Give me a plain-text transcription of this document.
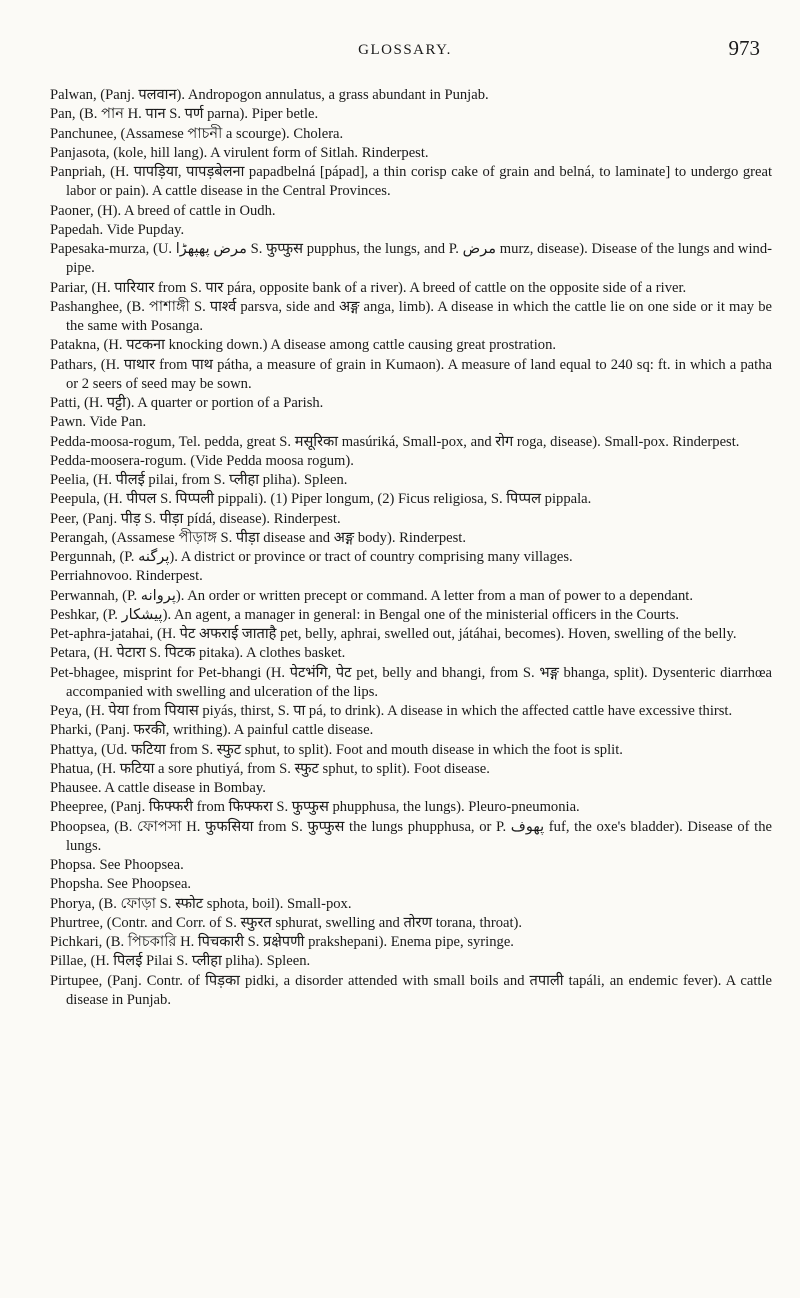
GLOSSARY.	973

Palwan, (Panj. पलवान). Andropogon annulatus, a grass abundant in Punjab.

Pan, (B. পান H. पान S. पर्ण parna). Piper betle.

Panchunee, (Assamese পাচনী a scourge). Cholera.

Panjasota, (kole, hill lang). A virulent form of Sitlah. Rinderpest.

Panpriah, (H. पापड़िया, पापड़बेलना papadbelná [pápad], a thin corisp cake of grain and belná, to laminate] to undergo great labor or pain). A cattle disease in the Central Provinces.

Paoner, (H). A breed of cattle in Oudh.

Papedah. Vide Pupday.

Papesaka-murza, (U. مرض پھپھڑا S. फुप्फुस pupphus, the lungs, and P. مرض murz, disease). Disease of the lungs and wind-pipe.

Pariar, (H. पारियार from S. पार pára, opposite bank of a river). A breed of cattle on the opposite side of a river.

Pashanghee, (B. পাশাঙ্গী S. पार्श्व parsva, side and अङ्ग anga, limb). A disease in which the cattle lie on one side or it may be the same with Posanga.

Patakna, (H. पटकना knocking down.) A disease among cattle causing great prostration.

Pathars, (H. पाथार from पाथ pátha, a measure of grain in Kumaon). A measure of land equal to 240 sq: ft. in which a patha or 2 seers of seed may be sown.

Patti, (H. पट्टी). A quarter or portion of a Parish.

Pawn. Vide Pan.

Pedda-moosa-rogum, Tel. pedda, great S. मसूरिका masúriká, Small-pox, and रोग roga, disease). Small-pox. Rinderpest.

Pedda-moosera-rogum. (Vide Pedda moosa rogum).

Peelia, (H. पीलई pilai, from S. प्लीहा pliha). Spleen.

Peepula, (H. पीपल S. पिप्पली pippali). (1) Piper longum, (2) Ficus religiosa, S. पिप्पल pippala.

Peer, (Panj. पीड़ S. पीड़ा pídá, disease). Rinderpest.

Perangah, (Assamese পীড়াঙ্গ S. पीड़ा disease and अङ्ग body). Rinderpest.

Pergunnah, (P. پرگنه). A district or province or tract of country comprising many villages.

Perriahnovoo. Rinderpest.

Perwannah, (P. پروانه). An order or written precept or command. A letter from a man of power to a dependant.

Peshkar, (P. پیشکار). An agent, a manager in general: in Bengal one of the ministerial officers in the Courts.

Pet-aphra-jatahai, (H. पेट अफराई जाताहै pet, belly, aphrai, swelled out, játáhai, becomes). Hoven, swelling of the belly.

Petara, (H. पेटारा S. पिटक pitaka). A clothes basket.

Pet-bhagee, misprint for Pet-bhangi (H. पेटभंगि, पेट pet, belly and bhangi, from S. भङ्ग bhanga, split). Dysenteric diarrhœa accompanied with swelling and ulceration of the lips.

Peya, (H. पेया from पियास piyás, thirst, S. पा pá, to drink). A disease in which the affected cattle have excessive thirst.

Pharki, (Panj. फरकी, writhing). A painful cattle disease.

Phattya, (Ud. फटिया from S. स्फुट sphut, to split). Foot and mouth disease in which the foot is split.

Phatua, (H. फटिया a sore phutiyá, from S. स्फुट sphut, to split). Foot disease.

Phausee. A cattle disease in Bombay.

Pheepree, (Panj. फिफ्फरी from फिफ्फरा S. फुप्फुस phupphusa, the lungs). Pleuro-pneumonia.

Phoopsea, (B. ফোপসা H. फुफसिया from S. फुप्फुस the lungs phupphusa, or P. پھوف fuf, the oxe's bladder). Disease of the lungs.

Phopsa. See Phoopsea.

Phopsha. See Phoopsea.

Phorya, (B. ফোড়া S. स्फोट sphota, boil). Small-pox.

Phurtree, (Contr. and Corr. of S. स्फुरत sphurat, swelling and तोरण torana, throat).

Pichkari, (B. পিচকারি H. पिचकारी S. प्रक्षेपणी prakshepani). Enema pipe, syringe.

Pillae, (H. पिलई Pilai S. प्लीहा pliha). Spleen.

Pirtupee, (Panj. Contr. of पिड़का pidki, a disorder attended with small boils and तपाली tapáli, an endemic fever). A cattle disease in Punjab.
